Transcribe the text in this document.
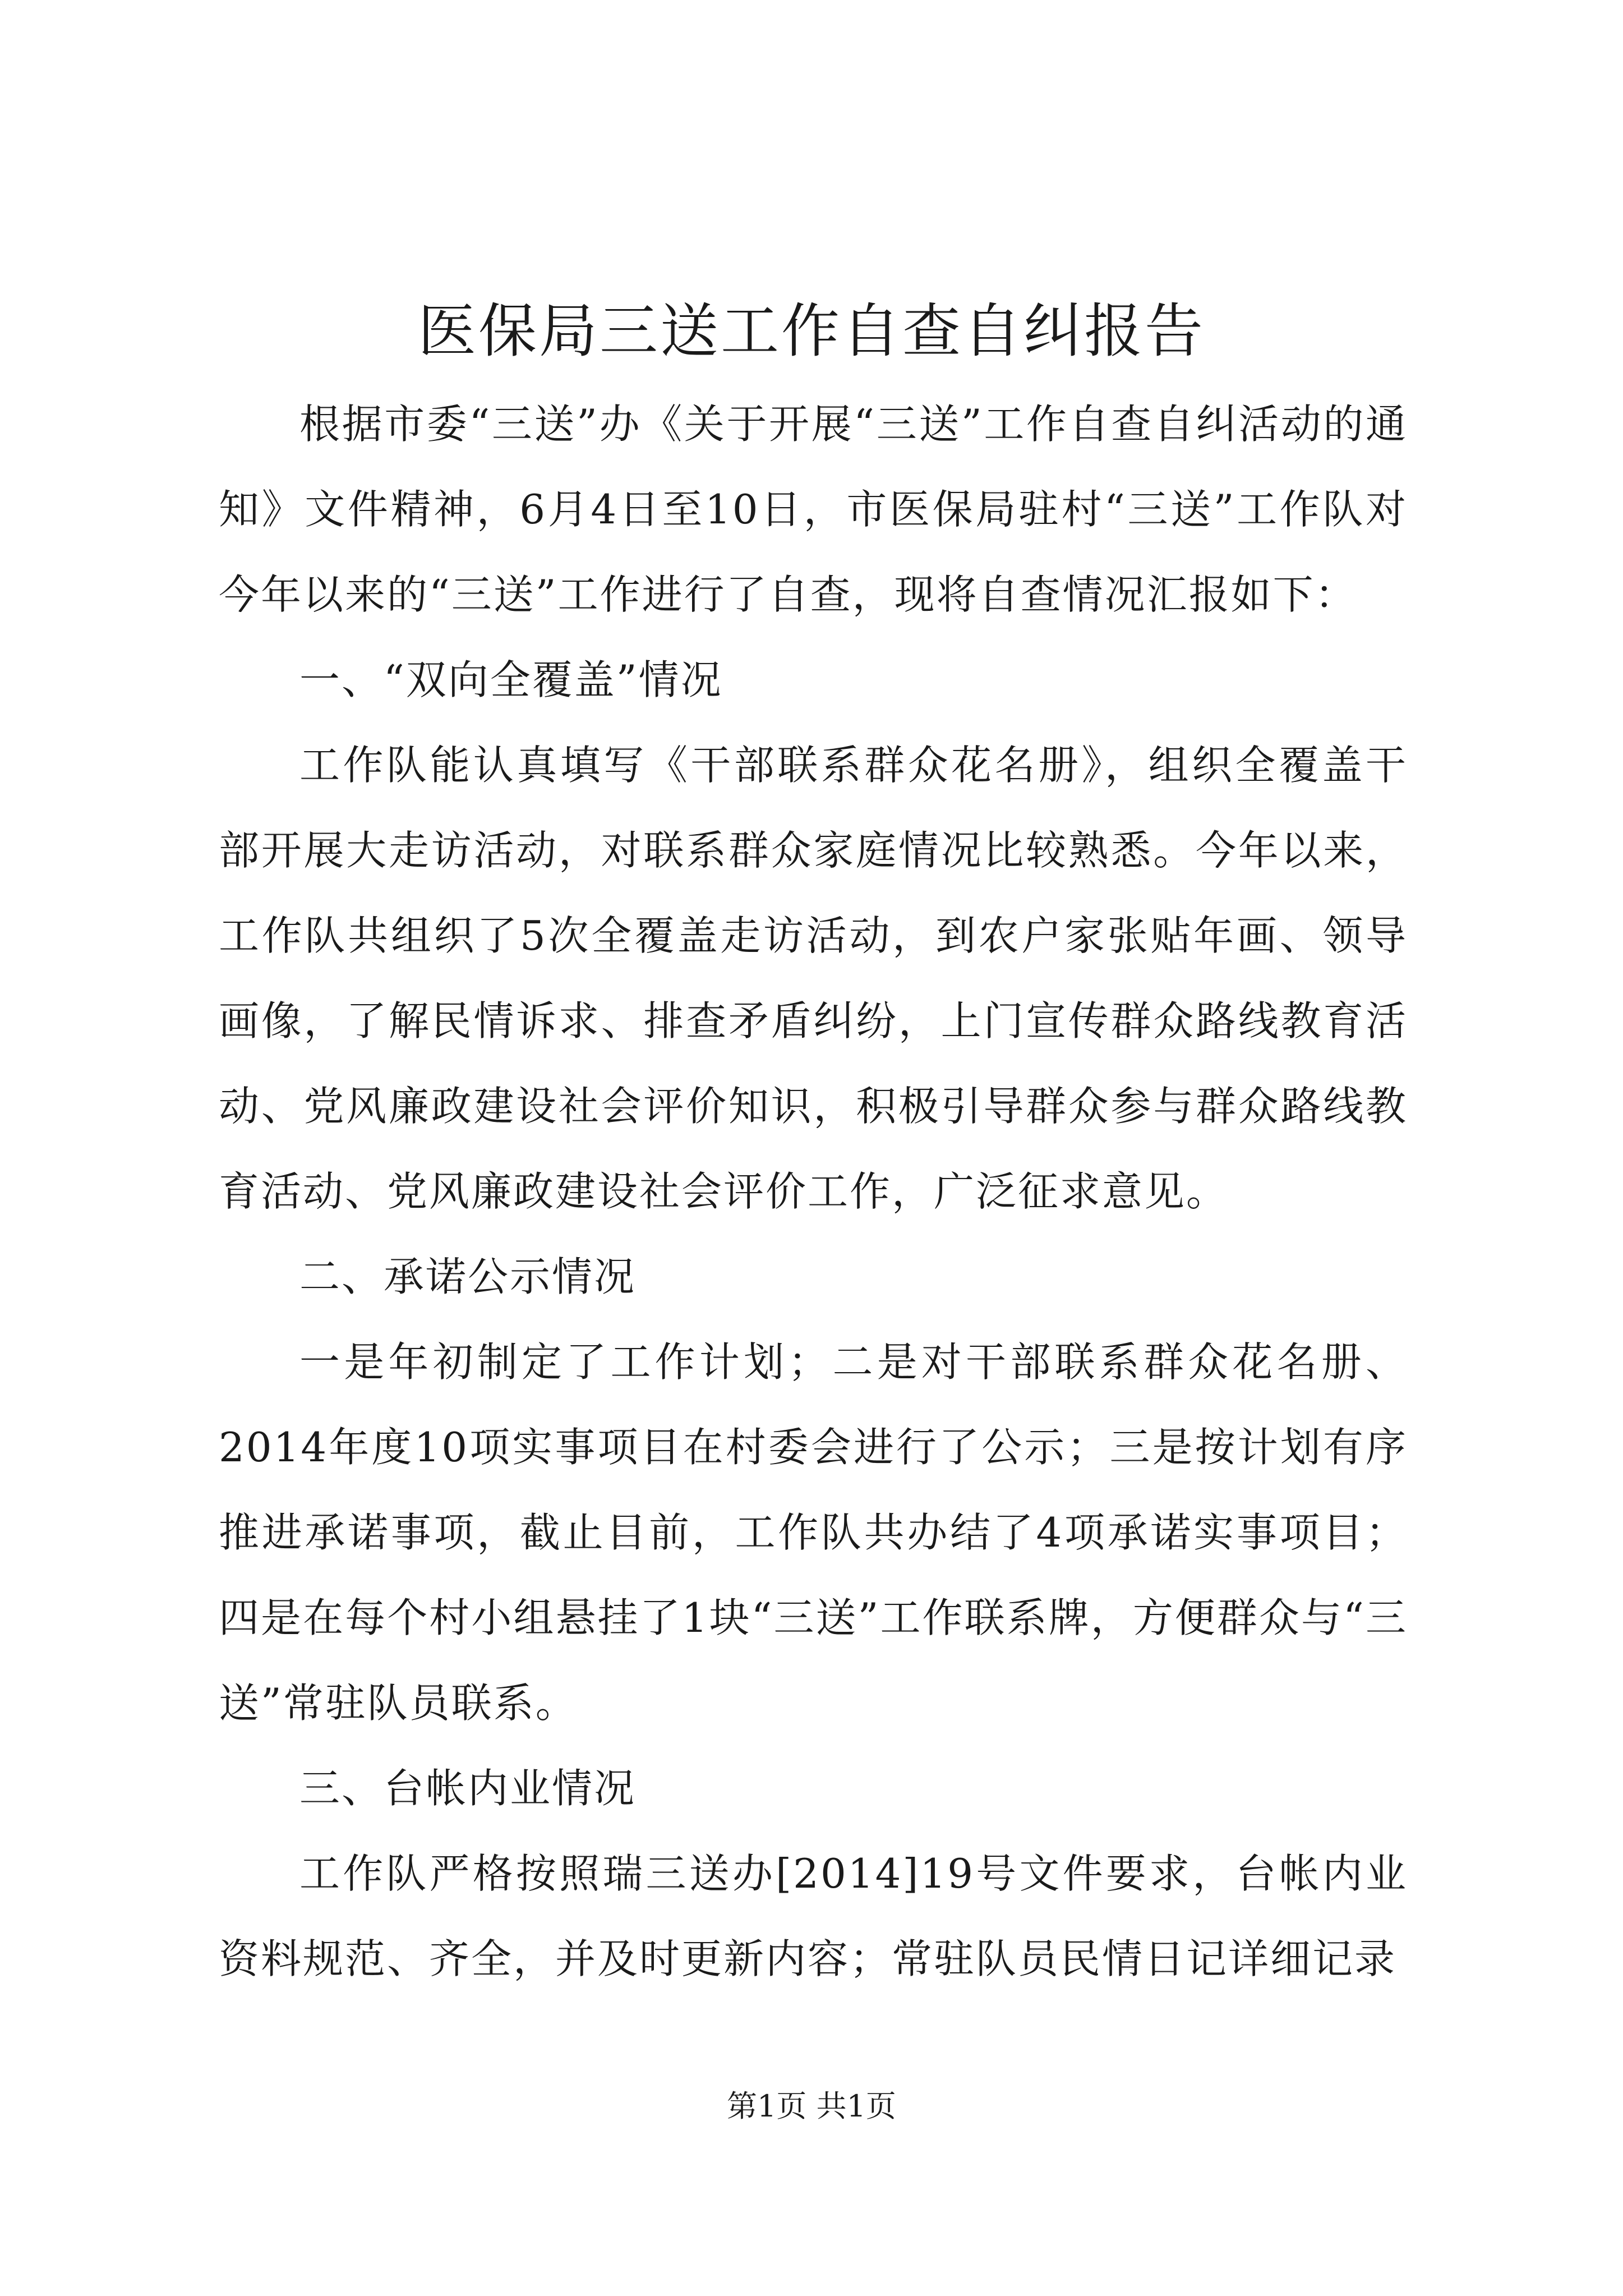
医保局三送工作自查自纠报告

根据市委“三送”办《关于开展“三送”工作自查自纠活动的通知》文件精神，6月4日至10日，市医保局驻村“三送”工作队对今年以来的“三送”工作进行了自查，现将自查情况汇报如下：

一、“双向全覆盖”情况

工作队能认真填写《干部联系群众花名册》，组织全覆盖干部开展大走访活动，对联系群众家庭情况比较熟悉。今年以来，工作队共组织了5次全覆盖走访活动，到农户家张贴年画、领导画像，了解民情诉求、排查矛盾纠纷，上门宣传群众路线教育活动、党风廉政建设社会评价知识，积极引导群众参与群众路线教育活动、党风廉政建设社会评价工作，广泛征求意见。

二、承诺公示情况

一是年初制定了工作计划；二是对干部联系群众花名册、2014年度10项实事项目在村委会进行了公示；三是按计划有序推进承诺事项，截止目前，工作队共办结了4项承诺实事项目；四是在每个村小组悬挂了1块“三送”工作联系牌，方便群众与“三送”常驻队员联系。

三、台帐内业情况

工作队严格按照瑞三送办[2014]19号文件要求，台帐内业资料规范、齐全，并及时更新内容；常驻队员民情日记详细记录

第1页 共1页
